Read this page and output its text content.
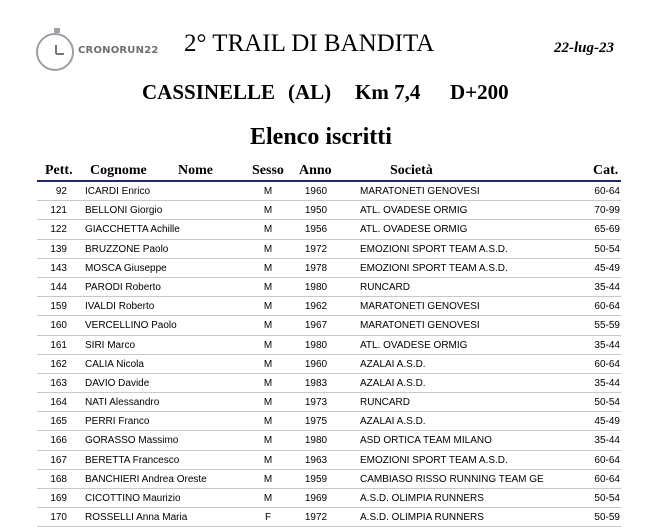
CRONORUN22 2° TRAIL DI BANDITA	22-lug-23
CASSINELLE (AL) Km 7,4 D+200
Elenco iscritti
Pett. Cognome Nome	Sesso Anno	Società	Cat.
92 ICARDI Enrico	M	1960	MARATONETI GENOVESI	60-64
121 BELLONI Giorgio	M	1950	ATL. OVADESE ORMIG	70-99
122 GIACCHETTA Achille	M	1956	ATL. OVADESE ORMIG	65-69
139 BRUZZONE Paolo	M	1972	EMOZIONI SPORT TEAM A.S.D.	50-54
143 MOSCA Giuseppe	M	1978	EMOZIONI SPORT TEAM A.S.D.	45-49
144 PARODI Roberto	M	1980	RUNCARD	35-44
159 IVALDI Roberto	M	1962	MARATONETI GENOVESI	60-64
160 VERCELLINO Paolo	M	1967	MARATONETI GENOVESI	55-59
161 SIRI Marco	M	1980	ATL. OVADESE ORMIG	35-44
162 CALIA Nicola	M	1960	AZALAI A.S.D.	60-64
163 DAVIO Davide	M	1983	AZALAI A.S.D.	35-44
164 NATI Alessandro	M	1973	RUNCARD	50-54
165 PERRI Franco	M	1975	AZALAI A.S.D.	45-49
166 GORASSO Massimo	M	1980	ASD ORTICA TEAM MILANO	35-44
167 BERETTA Francesco	M	1963	EMOZIONI SPORT TEAM A.S.D.	60-64
168 BANCHIERI Andrea Oreste	M	1959	CAMBIASO RISSO RUNNING TEAM GE	60-64
169 CICOTTINO Maurizio	M	1969	A.S.D. OLIMPIA RUNNERS	50-54
170 ROSSELLI Anna Maria	F	1972	A.S.D. OLIMPIA RUNNERS	50-59
